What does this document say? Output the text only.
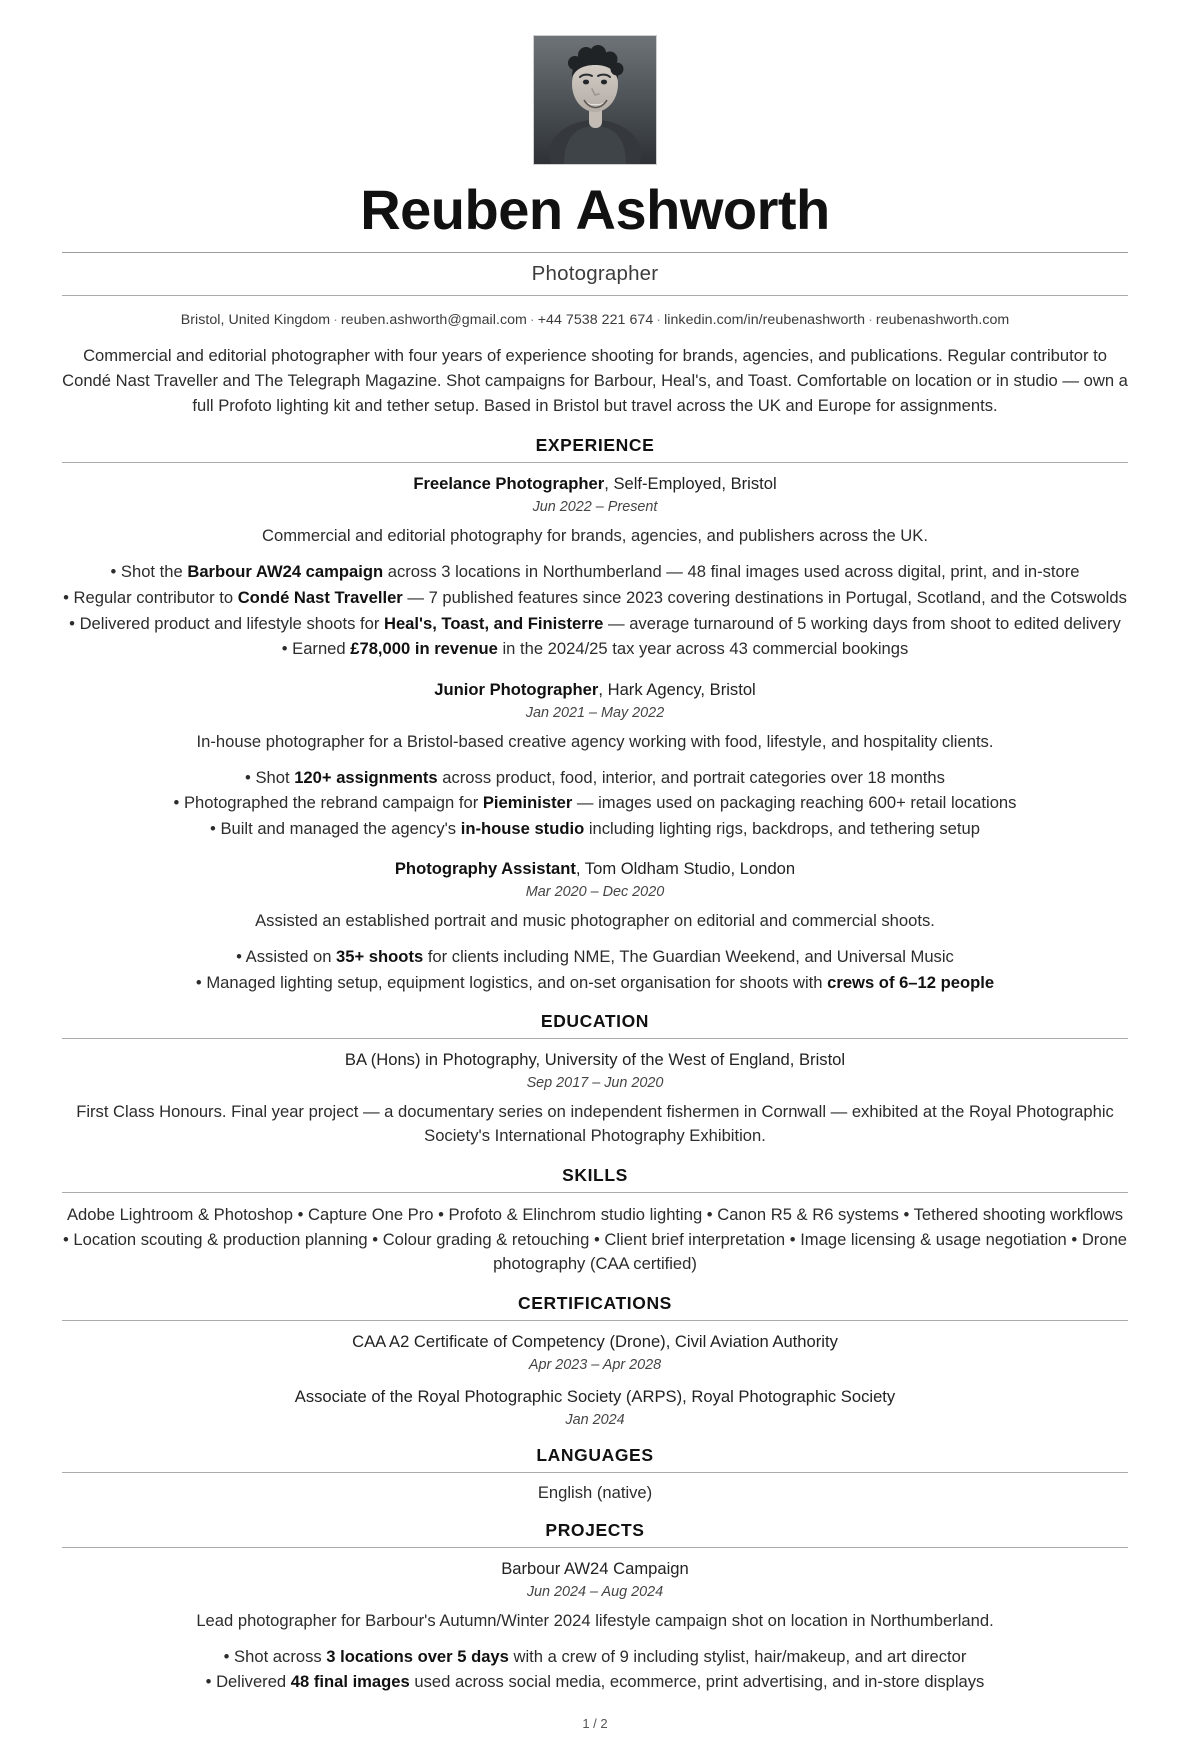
Reuben Ashworth
Photographer
Bristol, United Kingdom · reuben.ashworth@gmail.com · +44 7538 221 674 · linkedin.com/in/reubenashworth · reubenashworth.com

Commercial and editorial photographer with four years of experience shooting for brands, agencies, and publications. Regular contributor to Condé Nast Traveller and The Telegraph Magazine. Shot campaigns for Barbour, Heal's, and Toast. Comfortable on location or in studio — own a full Profoto lighting kit and tether setup. Based in Bristol but travel across the UK and Europe for assignments.

EXPERIENCE
Freelance Photographer, Self-Employed, Bristol
Jun 2022 – Present
Commercial and editorial photography for brands, agencies, and publishers across the UK.
• Shot the Barbour AW24 campaign across 3 locations in Northumberland — 48 final images used across digital, print, and in-store
• Regular contributor to Condé Nast Traveller — 7 published features since 2023 covering destinations in Portugal, Scotland, and the Cotswolds
• Delivered product and lifestyle shoots for Heal's, Toast, and Finisterre — average turnaround of 5 working days from shoot to edited delivery
• Earned £78,000 in revenue in the 2024/25 tax year across 43 commercial bookings
Junior Photographer, Hark Agency, Bristol
Jan 2021 – May 2022
In-house photographer for a Bristol-based creative agency working with food, lifestyle, and hospitality clients.
• Shot 120+ assignments across product, food, interior, and portrait categories over 18 months
• Photographed the rebrand campaign for Pieminister — images used on packaging reaching 600+ retail locations
• Built and managed the agency's in-house studio including lighting rigs, backdrops, and tethering setup
Photography Assistant, Tom Oldham Studio, London
Mar 2020 – Dec 2020
Assisted an established portrait and music photographer on editorial and commercial shoots.
• Assisted on 35+ shoots for clients including NME, The Guardian Weekend, and Universal Music
• Managed lighting setup, equipment logistics, and on-set organisation for shoots with crews of 6–12 people
EDUCATION
BA (Hons) in Photography, University of the West of England, Bristol
Sep 2017 – Jun 2020
First Class Honours. Final year project — a documentary series on independent fishermen in Cornwall — exhibited at the Royal Photographic Society's International Photography Exhibition.
SKILLS
Adobe Lightroom & Photoshop • Capture One Pro • Profoto & Elinchrom studio lighting • Canon R5 & R6 systems • Tethered shooting workflows • Location scouting & production planning • Colour grading & retouching • Client brief interpretation • Image licensing & usage negotiation • Drone photography (CAA certified)
CERTIFICATIONS
CAA A2 Certificate of Competency (Drone), Civil Aviation Authority
Apr 2023 – Apr 2028
Associate of the Royal Photographic Society (ARPS), Royal Photographic Society
Jan 2024
LANGUAGES
English (native)
PROJECTS
Barbour AW24 Campaign
Jun 2024 – Aug 2024
Lead photographer for Barbour's Autumn/Winter 2024 lifestyle campaign shot on location in Northumberland.
• Shot across 3 locations over 5 days with a crew of 9 including stylist, hair/makeup, and art director
• Delivered 48 final images used across social media, ecommerce, print advertising, and in-store displays
1 / 2
